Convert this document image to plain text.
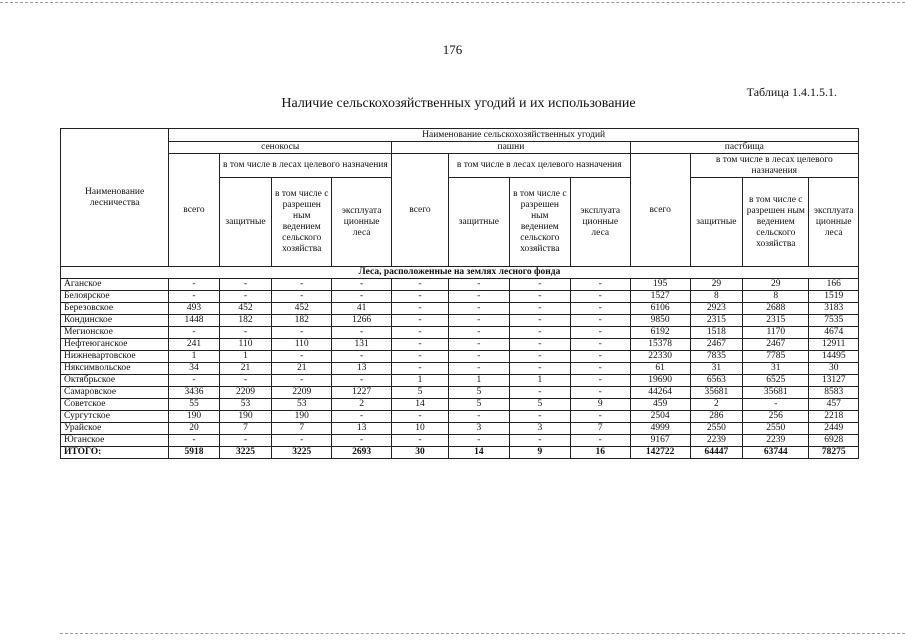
176
Таблица 1.4.1.5.1.
Наличие сельскохозяйственных угодий и их использование
Наименование лесничества	Наименование сельскохозяйственных угодий											
	сенокосы				пашни				пастбища			
	всего	в том числе в лесах целевого назначения			всего	в том числе в лесах целевого назначения			всего	в том числе в лесах целевого назначения		
		защитные	в том числе с разрешен ным ведением сельского хозяйства	эксплуата ционные леса		защитные	в том числе с разрешен ным ведением сельского хозяйства	эксплуата ционные леса		защитные	в том числе с разрешен ным ведением сельского хозяйства	эксплуата ционные леса
Леса, расположенные на землях лесного фонда												
Аганское	-	-	-	-	-	-	-	-	195	29	29	166
Белоярское	-	-	-	-	-	-	-	-	1527	8	8	1519
Березовское	493	452	452	41	-	-	-	-	6106	2923	2688	3183
Кондинское	1448	182	182	1266	-	-	-	-	9850	2315	2315	7535
Мегионское	-	-	-	-	-	-	-	-	6192	1518	1170	4674
Нефтеюганское	241	110	110	131	-	-	-	-	15378	2467	2467	12911
Нижневартовское	1	1	-	-	-	-	-	-	22330	7835	7785	14495
Няксимвольское	34	21	21	13	-	-	-	-	61	31	31	30
Октябрьское	-	-	-	-	1	1	1	-	19690	6563	6525	13127
Самаровское	3436	2209	2209	1227	5	5	-	-	44264	35681	35681	8583
Советское	55	53	53	2	14	5	5	9	459	2	-	457
Сургутское	190	190	190	-	-	-	-	-	2504	286	256	2218
Урайское	20	7	7	13	10	3	3	7	4999	2550	2550	2449
Юганское	-	-	-	-	-	-	-	-	9167	2239	2239	6928
ИТОГО:	5918	3225	3225	2693	30	14	9	16	142722	64447	63744	78275
